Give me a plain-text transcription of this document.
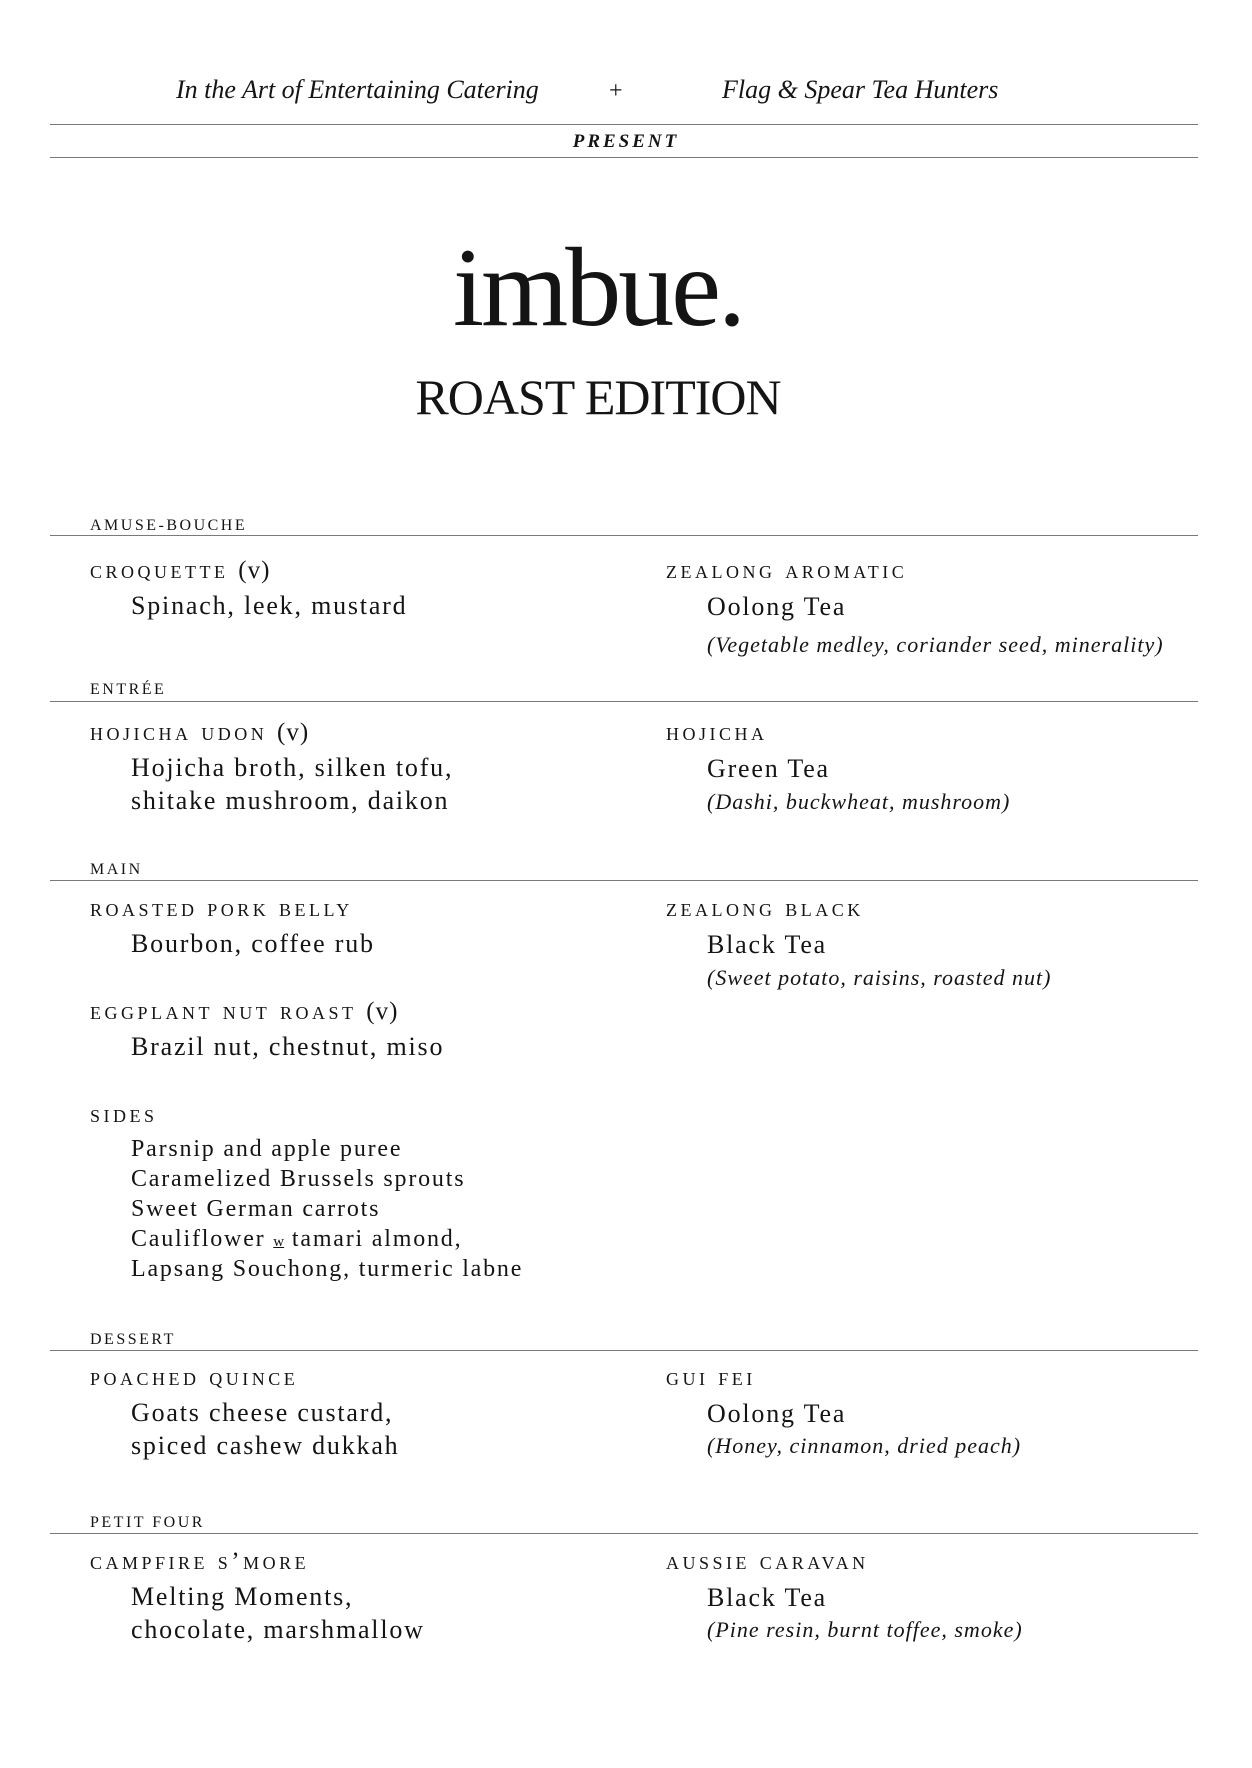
In the Art of Entertaining Catering	+	Flag & Spear Tea Hunters
PRESENT
imbue.
ROAST EDITION
AMUSE-BOUCHE
croquette (v)
Spinach, leek, mustard
zealong aromatic
Oolong Tea
(Vegetable medley, coriander seed, minerality)
ENTRÉE
hojicha udon (v)
Hojicha broth, silken tofu,
shitake mushroom, daikon
hojicha
Green Tea
(Dashi, buckwheat, mushroom)
MAIN
roasted pork belly
Bourbon, coffee rub
eggplant nut roast (v)
Brazil nut, chestnut, miso
sides
Parsnip and apple puree
Caramelized Brussels sprouts
Sweet German carrots
Cauliflower w tamari almond,
Lapsang Souchong, turmeric labne
zealong black
Black Tea
(Sweet potato, raisins, roasted nut)
DESSERT
poached quince
Goats cheese custard,
spiced cashew dukkah
gui fei
Oolong Tea
(Honey, cinnamon, dried peach)
PETIT FOUR
campfire s’more
Melting Moments,
chocolate, marshmallow
aussie caravan
Black Tea
(Pine resin, burnt toffee, smoke)
